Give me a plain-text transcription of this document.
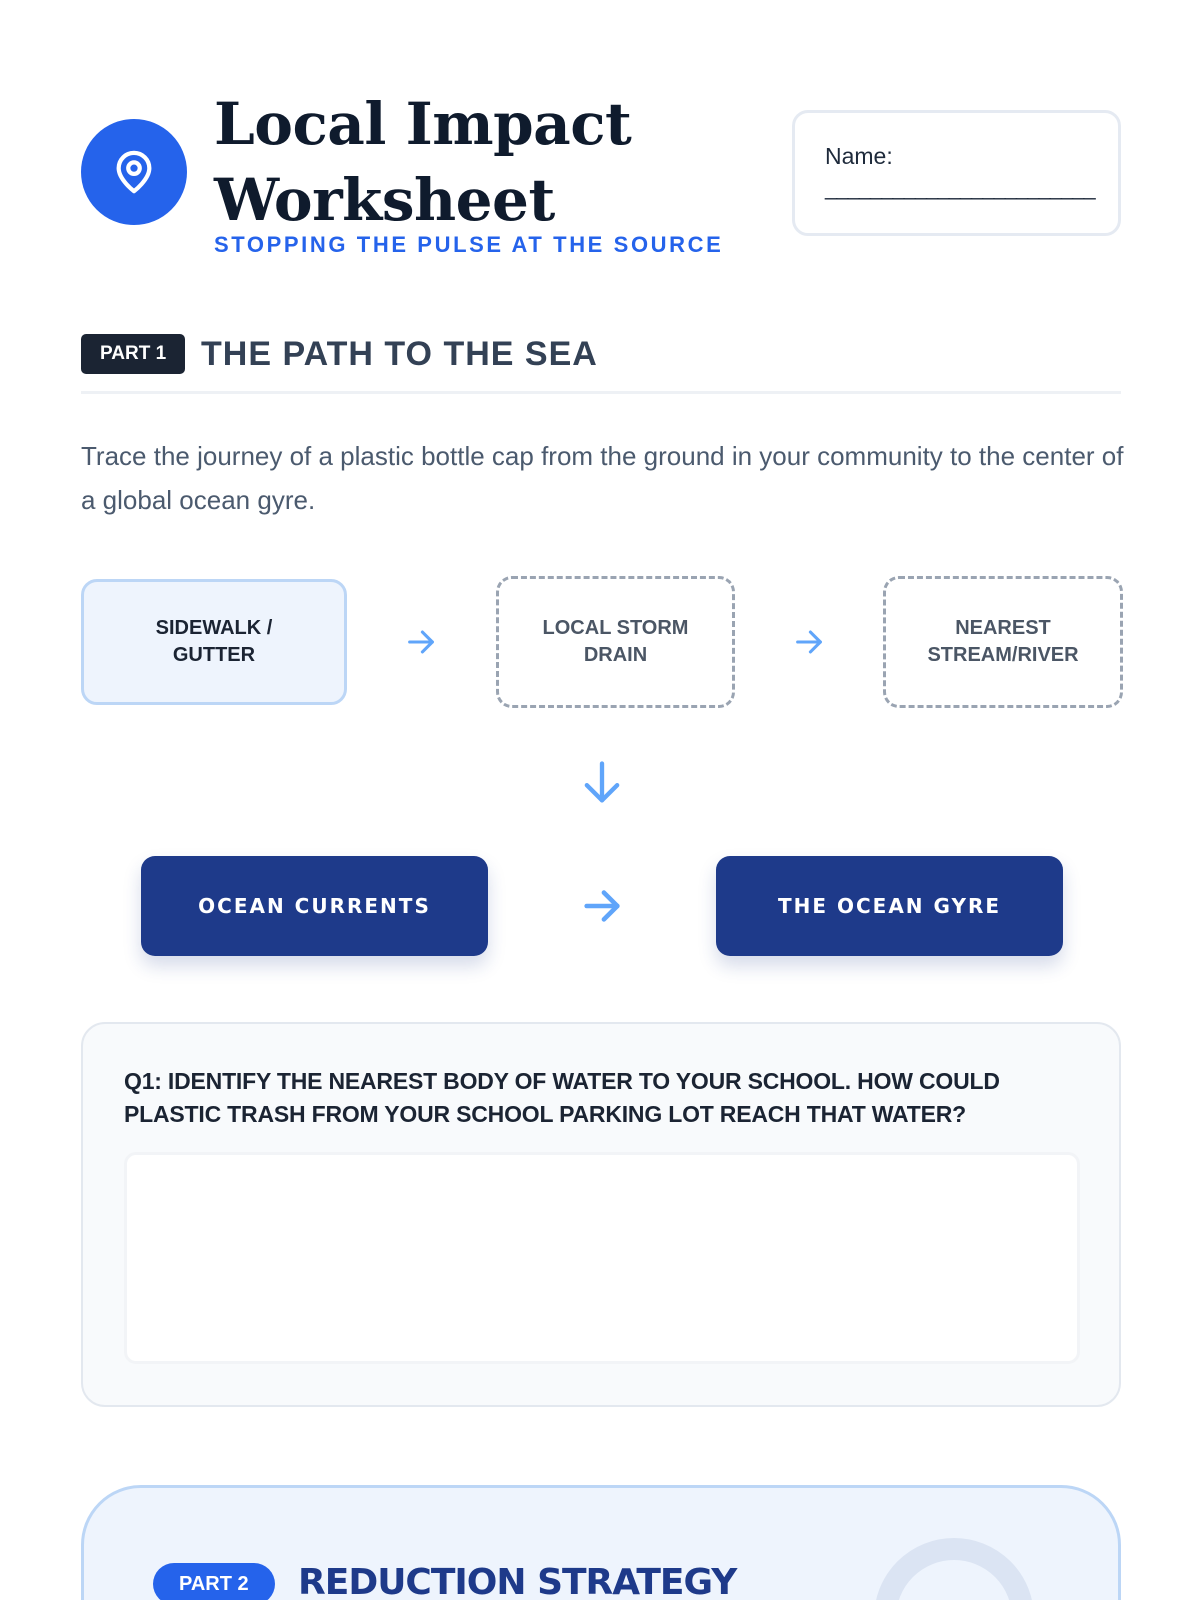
Local Impact
Worksheet
STOPPING THE PULSE AT THE SOURCE
Name:
________________________
PART 1	THE PATH TO THE SEA

Trace the journey of a plastic bottle cap from the ground in your community to the center of a global ocean gyre.

SIDEWALK /
GUTTER
LOCAL STORM
DRAIN
NEAREST
STREAM/RIVER
OCEAN CURRENTS	THE OCEAN GYRE
Q1: IDENTIFY THE NEAREST BODY OF WATER TO YOUR SCHOOL. HOW COULD PLASTIC TRASH FROM YOUR SCHOOL PARKING LOT REACH THAT WATER?
PART 2	REDUCTION STRATEGY
